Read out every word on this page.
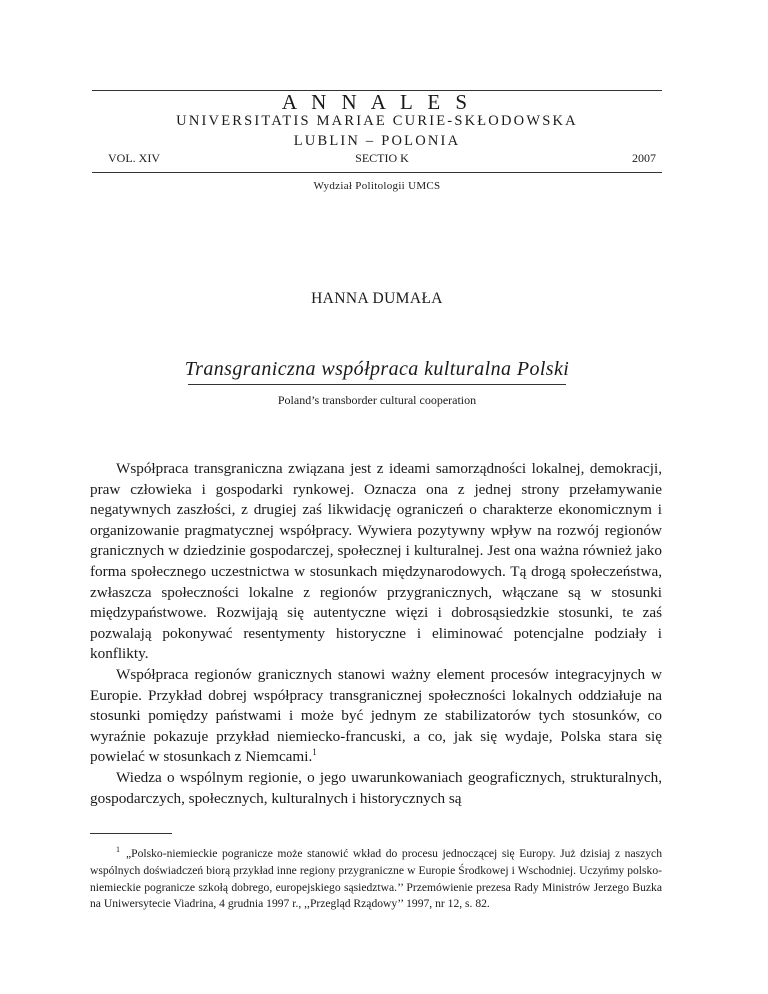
A N N A L E S
UNIVERSITATIS MARIAE CURIE-SKŁODOWSKA
LUBLIN – POLONIA
VOL. XIV	SECTIO K	2007
Wydział Politologii UMCS
HANNA DUMAŁA
Transgraniczna współpraca kulturalna Polski
Poland’s transborder cultural cooperation

Współpraca transgraniczna związana jest z ideami samorządności lokalnej, demokracji, praw człowieka i gospodarki rynkowej. Oznacza ona z jednej strony przełamywanie negatywnych zaszłości, z drugiej zaś likwidację ograniczeń o charakterze ekonomicznym i organizowanie pragmatycznej współpracy. Wywiera pozytywny wpływ na rozwój regionów granicznych w dziedzinie gospodarczej, społecznej i kulturalnej. Jest ona ważna również jako forma społecznego uczestnictwa w stosunkach międzynarodowych. Tą drogą społeczeństwa, zwłaszcza społeczności lokalne z regionów przygranicznych, włączane są w stosunki międzypaństwowe. Rozwijają się autentyczne więzi i dobrosąsiedzkie stosunki, te zaś pozwalają pokonywać resentymenty historyczne i eliminować potencjalne podziały i konflikty.

Współpraca regionów granicznych stanowi ważny element procesów integracyjnych w Europie. Przykład dobrej współpracy transgranicznej społeczności lokalnych oddziałuje na stosunki pomiędzy państwami i może być jednym ze stabilizatorów tych stosunków, co wyraźnie pokazuje przykład niemiecko-francuski, a co, jak się wydaje, Polska stara się powielać w stosunkach z Niemcami.$^1$

Wiedza o wspólnym regionie, o jego uwarunkowaniach geograficznych, strukturalnych, gospodarczych, społecznych, kulturalnych i historycznych są

$^1$ „Polsko-niemieckie pogranicze może stanowić wkład do procesu jednoczącej się Europy. Już dzisiaj z naszych wspólnych doświadczeń biorą przykład inne regiony przygraniczne w Europie Środkowej i Wschodniej. Uczyńmy polsko-niemieckie pogranicze szkołą dobrego, europejskiego sąsiedztwa.’’ Przemówienie prezesa Rady Ministrów Jerzego Buzka na Uniwersytecie Viadrina, 4 grudnia 1997 r., ,,Przegląd Rządowy’’ 1997, nr 12, s. 82.
